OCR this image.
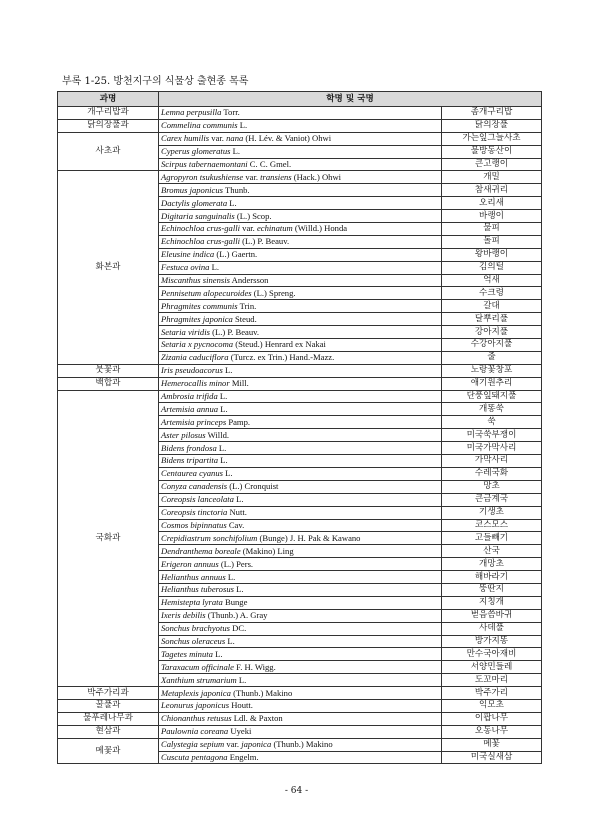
부록 1-25. 방천지구의 식물상 출현종 목록
과명	학명 및 국명	
개구리밥과	Lemna perpusilla Torr.	좀개구리밥
닭의장풀과	Commelina communis L.	닭의장풀
사초과	Carex humilis var. nana (H. Lév. & Vaniot) Ohwi	가는잎그늘사초
	Cyperus glomeratus L.	물방동산이
	Scirpus tabernaemontani C. C. Gmel.	큰고랭이
화본과	Agropyron tsukushiense var. transiens (Hack.) Ohwi	개밀
	Bromus japonicus Thunb.	참새귀리
	Dactylis glomerata L.	오리새
	Digitaria sanguinalis (L.) Scop.	바랭이
	Echinochloa crus-galli var. echinatum (Willd.) Honda	물피
	Echinochloa crus-galli (L.) P. Beauv.	돌피
	Eleusine indica (L.) Gaertn.	왕바랭이
	Festuca ovina L.	김의털
	Miscanthus sinensis Andersson	억새
	Pennisetum alopecuroides (L.) Spreng.	수크령
	Phragmites communis Trin.	갈대
	Phragmites japonica Steud.	달뿌리풀
	Setaria viridis (L.) P. Beauv.	강아지풀
	Setaria x pycnocoma (Steud.) Henrard ex Nakai	수강아지풀
	Zizania caduciflora (Turcz. ex Trin.) Hand.-Mazz.	줄
붓꽃과	Iris pseudoacorus L.	노랑꽃창포
백합과	Hemerocallis minor Mill.	애기원추리
국화과	Ambrosia trifida L.	단풍잎돼지풀
	Artemisia annua L.	개똥쑥
	Artemisia princeps Pamp.	쑥
	Aster pilosus Willd.	미국쑥부쟁이
	Bidens frondosa L.	미국가막사리
	Bidens tripartita L.	가막사리
	Centaurea cyanus L.	수레국화
	Conyza canadensis (L.) Cronquist	망초
	Coreopsis lanceolata L.	큰금계국
	Coreopsis tinctoria Nutt.	기생초
	Cosmos bipinnatus Cav.	코스모스
	Crepidiastrum sonchifolium (Bunge) J. H. Pak & Kawano	고들빼기
	Dendranthema boreale (Makino) Ling	산국
	Erigeron annuus (L.) Pers.	개망초
	Helianthus annuus L.	해바라기
	Helianthus tuberosus L.	뚱딴지
	Hemistepta lyrata Bunge	지칭개
	Ixeris debilis (Thunb.) A. Gray	벋음씀바귀
	Sonchus brachyotus DC.	사데풀
	Sonchus oleraceus L.	방가지똥
	Tagetes minuta L.	만수국아재비
	Taraxacum officinale F. H. Wigg.	서양민들레
	Xanthium strumarium L.	도꼬마리
박주가리과	Metaplexis japonica (Thunb.) Makino	박주가리
꿀풀과	Leonurus japonicus Houtt.	익모초
물푸레나무과	Chionanthus retusus Ldl. & Paxton	이팝나무
현삼과	Paulownia coreana Uyeki	오동나무
메꽃과	Calystegia sepium var. japonica (Thunb.) Makino	메꽃
	Cuscuta pentagona Engelm.	미국실새삼
- 64 -
